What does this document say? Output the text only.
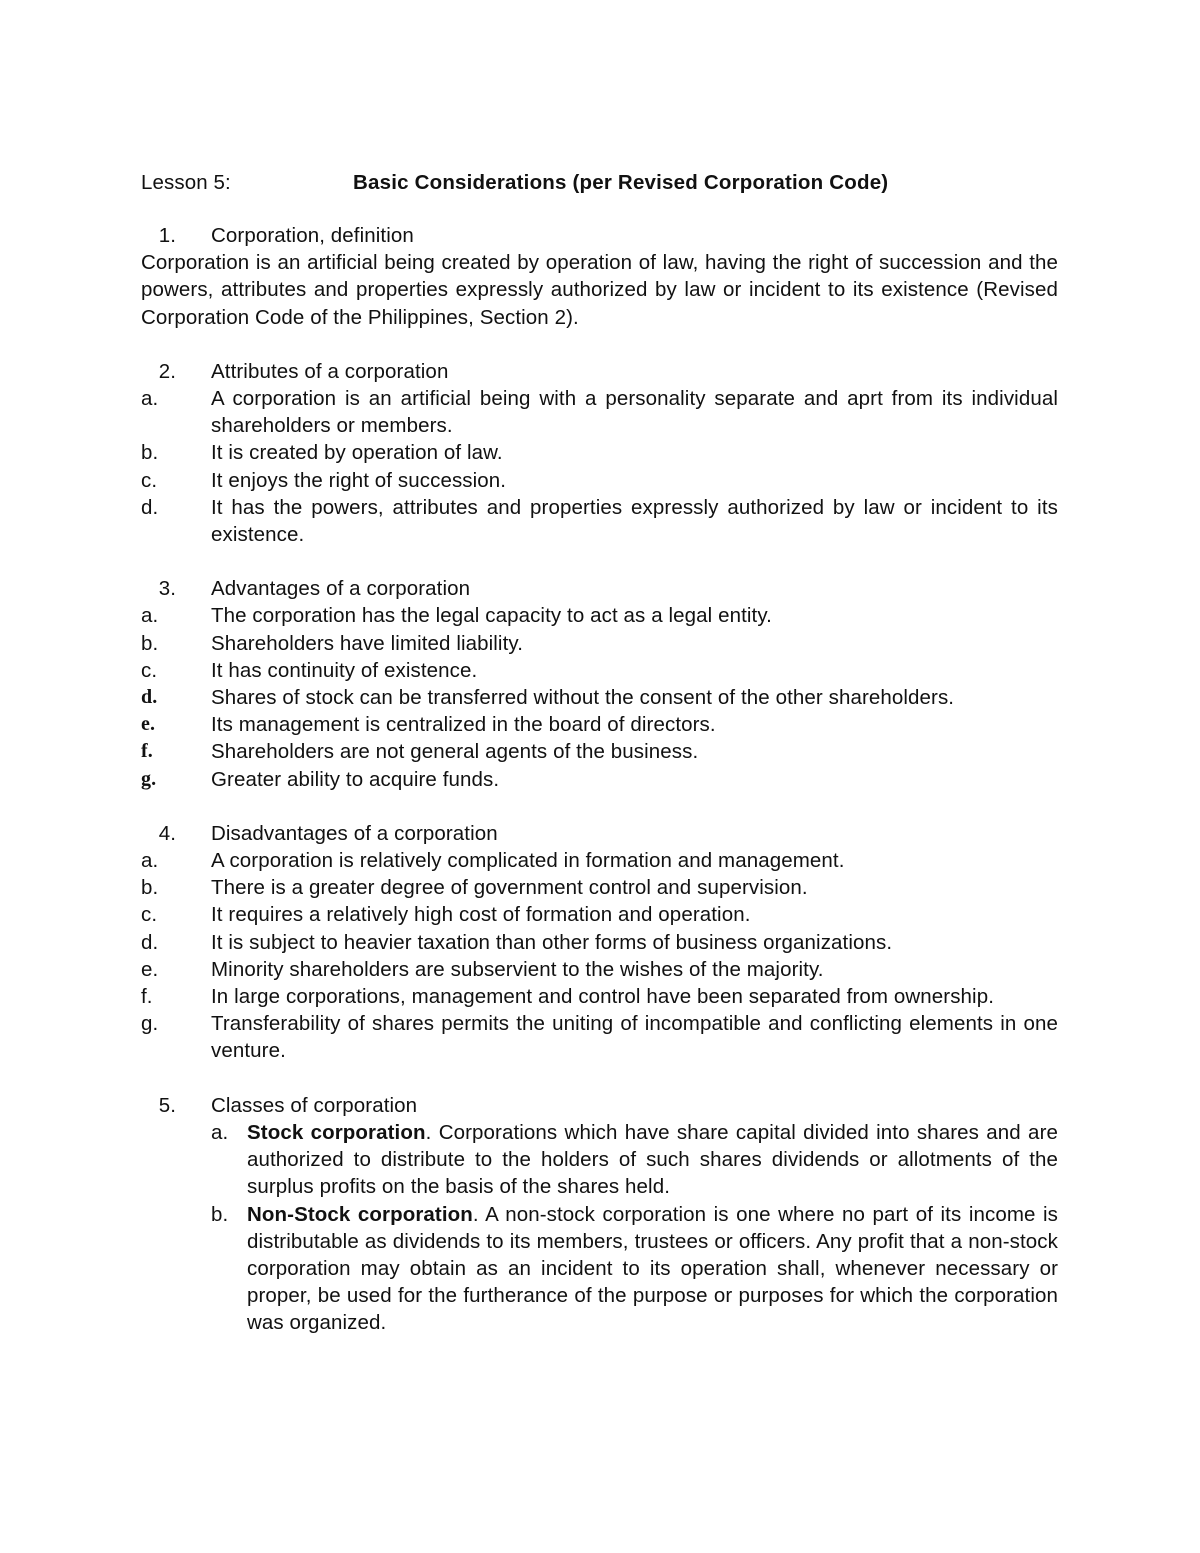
Lesson 5:	Basic Considerations (per Revised Corporation Code)
1.	Corporation, definition
Corporation is an artificial being created by operation of law, having the right of succession and the powers, attributes and properties expressly authorized by law or incident to its existence (Revised Corporation Code of the Philippines, Section 2).
2.	Attributes of a corporation
a.	A corporation is an artificial being with a personality separate and aprt from its individual shareholders or members.
b.	It is created by operation of law.
c.	It enjoys the right of succession.
d.	It has the powers, attributes and properties expressly authorized by law or incident to its existence.
3.	Advantages of a corporation
a.	The corporation has the legal capacity to act as a legal entity.
b.	Shareholders have limited liability.
c.	It has continuity of existence.
d.	Shares of stock can be transferred without the consent of the other shareholders.
e.	Its management is centralized in the board of directors.
f.	Shareholders are not general agents of the business.
g.	Greater ability to acquire funds.
4.	Disadvantages of a corporation
a.	A corporation is relatively complicated in formation and management.
b.	There is a greater degree of government control and supervision.
c.	It requires a relatively high cost of formation and operation.
d.	It is subject to heavier taxation than other forms of business organizations.
e.	Minority shareholders are subservient to the wishes of the majority.
f.	In large corporations, management and control have been separated from ownership.
g.	Transferability of shares permits the uniting of incompatible and conflicting elements in one venture.
5.	Classes of corporation
a. Stock corporation. Corporations which have share capital divided into shares and are authorized to distribute to the holders of such shares dividends or allotments of the surplus profits on the basis of the shares held.
b. Non-Stock corporation. A non-stock corporation is one where no part of its income is distributable as dividends to its members, trustees or officers. Any profit that a non-stock corporation may obtain as an incident to its operation shall, whenever necessary or proper, be used for the furtherance of the purpose or purposes for which the corporation was organized.
